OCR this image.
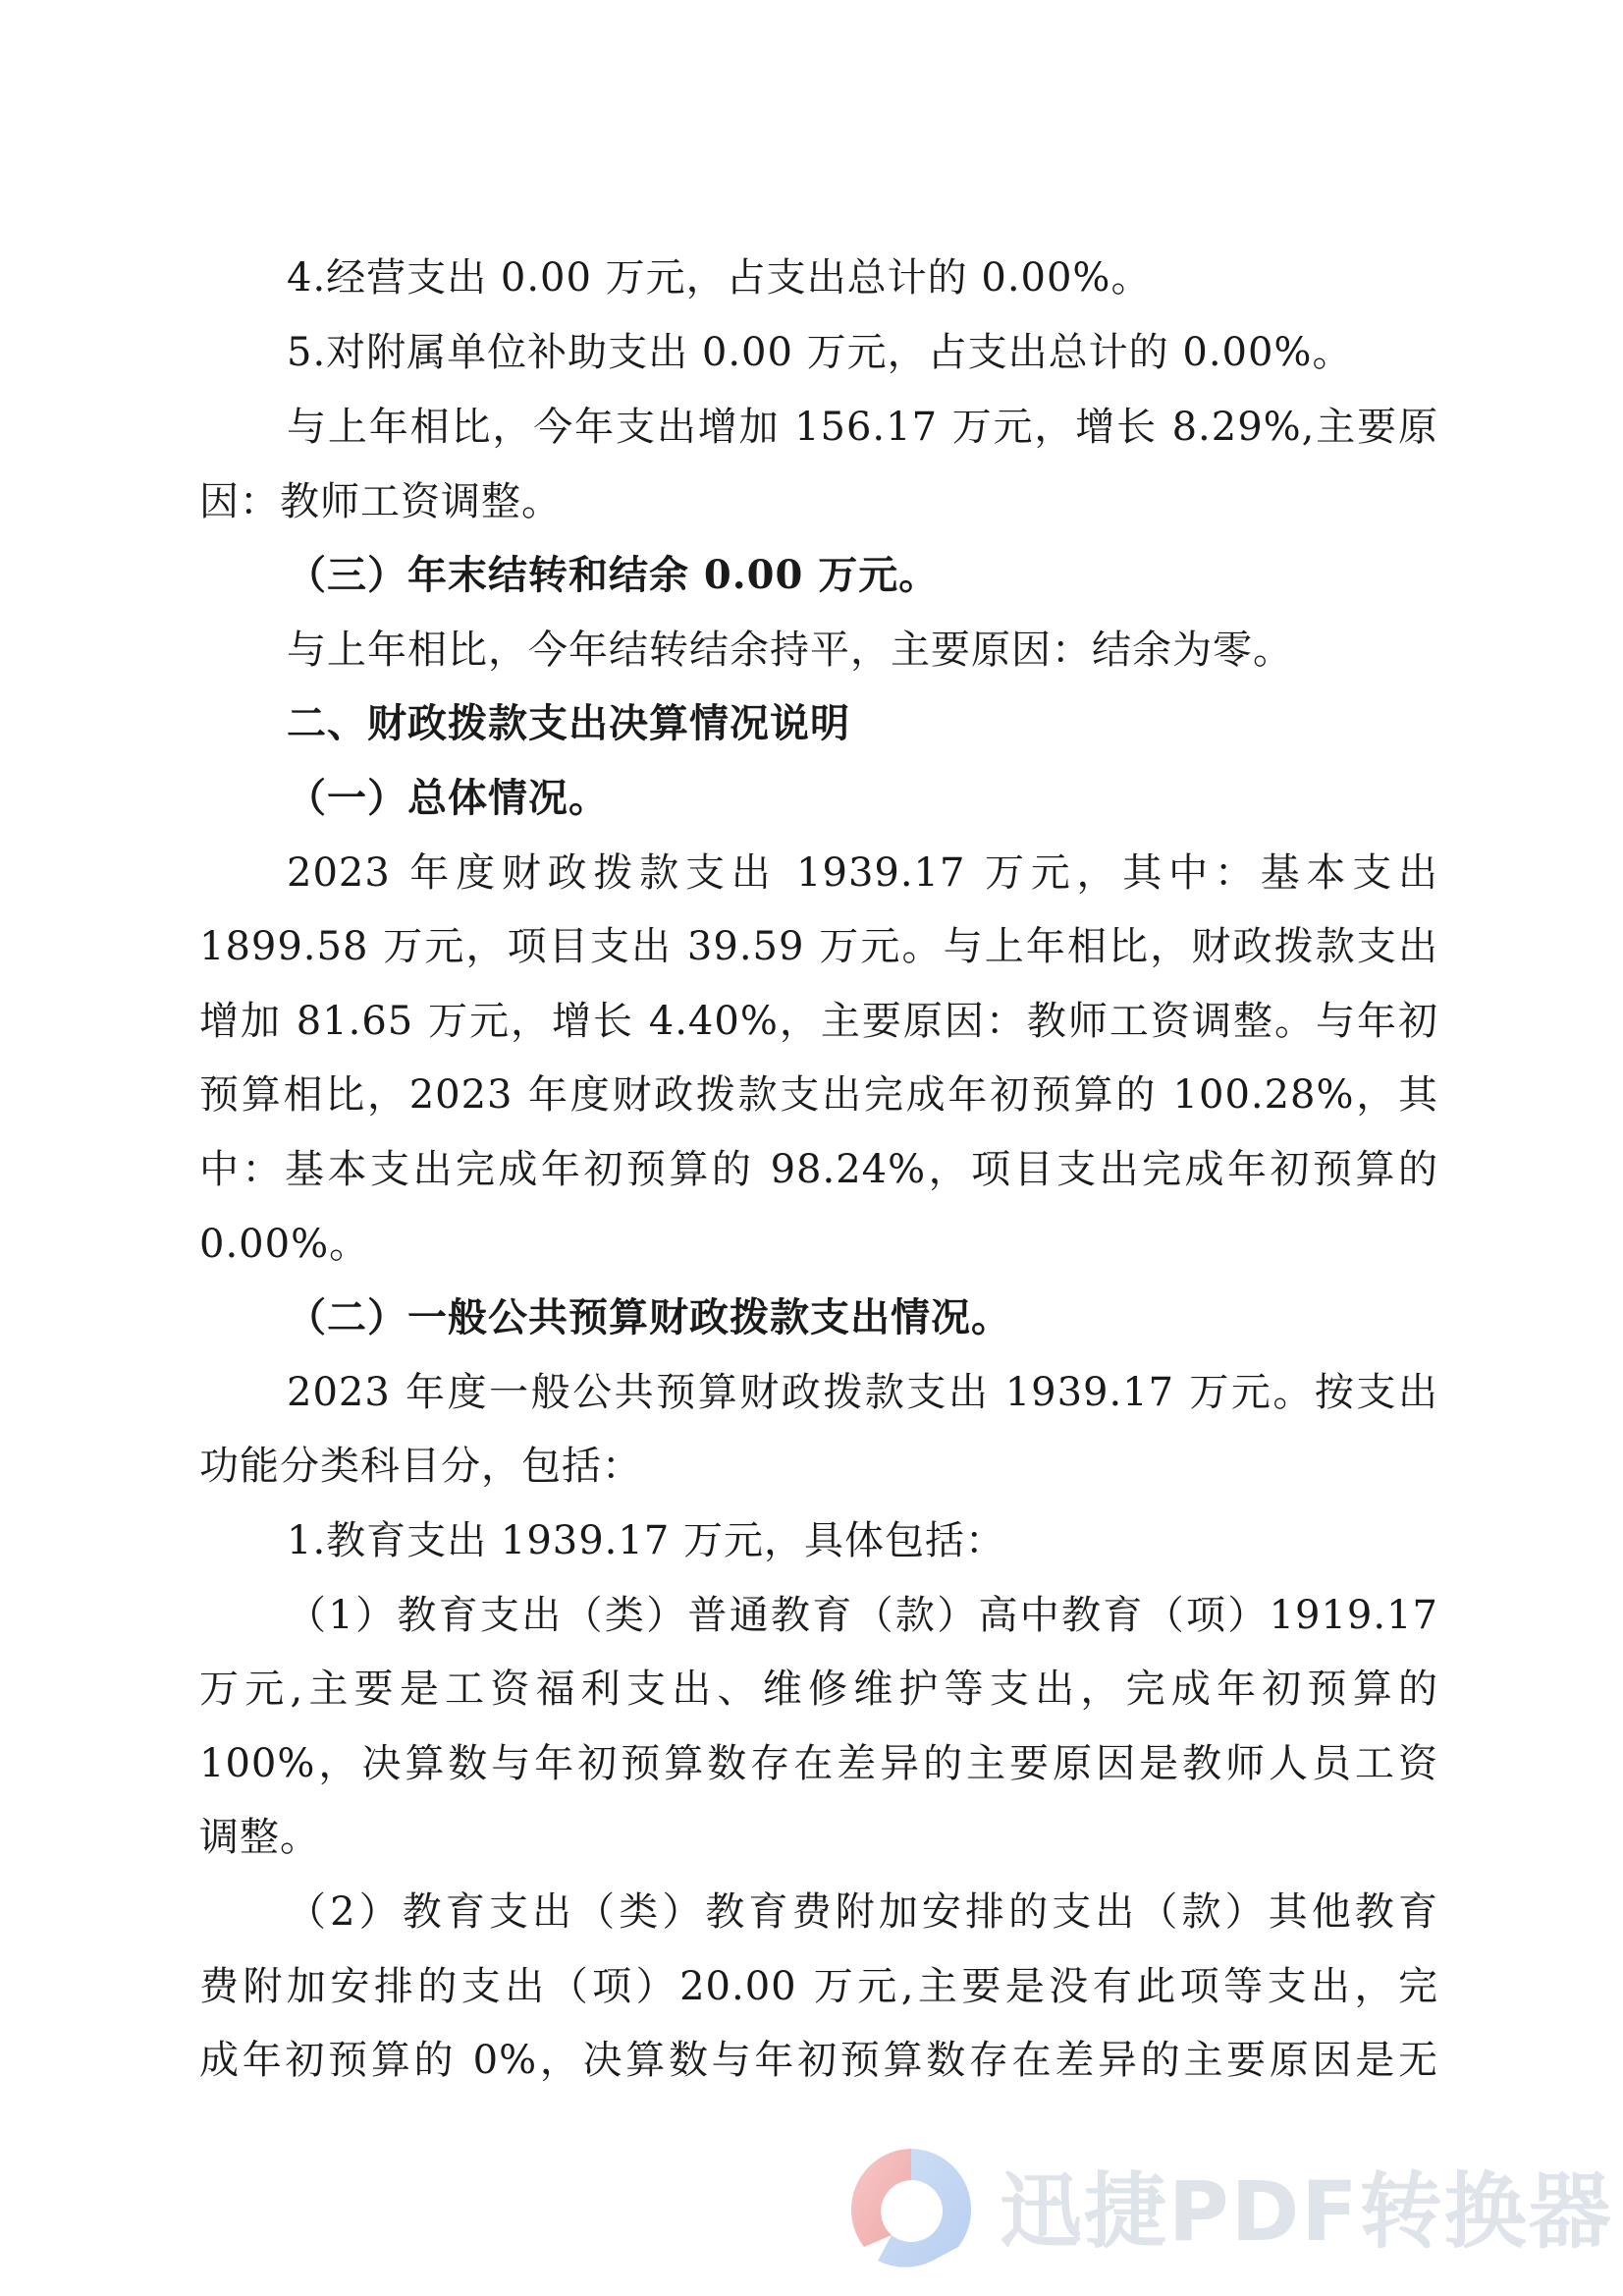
4.经营支出 0.00 万元，占支出总计的 0.00%。
5.对附属单位补助支出 0.00 万元，占支出总计的 0.00%。
与上年相比，今年支出增加 156.17 万元，增长 8.29%,主要原
因：教师工资调整。
（三）年末结转和结余 0.00 万元。
与上年相比，今年结转结余持平，主要原因：结余为零。
二、财政拨款支出决算情况说明
（一）总体情况。
2023 年度财政拨款支出 1939.17 万元，其中：基本支出
1899.58 万元，项目支出 39.59 万元。与上年相比，财政拨款支出
增加 81.65 万元，增长 4.40%，主要原因：教师工资调整。与年初
预算相比，2023 年度财政拨款支出完成年初预算的 100.28%，其
中：基本支出完成年初预算的 98.24%，项目支出完成年初预算的
0.00%。
（二）一般公共预算财政拨款支出情况。
2023 年度一般公共预算财政拨款支出 1939.17 万元。按支出
功能分类科目分，包括：
1.教育支出 1939.17 万元，具体包括：
（1）教育支出（类）普通教育（款）高中教育（项）1919.17
万元,主要是工资福利支出、维修维护等支出，完成年初预算的
100%，决算数与年初预算数存在差异的主要原因是教师人员工资
调整。
（2）教育支出（类）教育费附加安排的支出（款）其他教育
费附加安排的支出（项）20.00 万元,主要是没有此项等支出，完
成年初预算的 0%，决算数与年初预算数存在差异的主要原因是无
迅捷PDF转换器
